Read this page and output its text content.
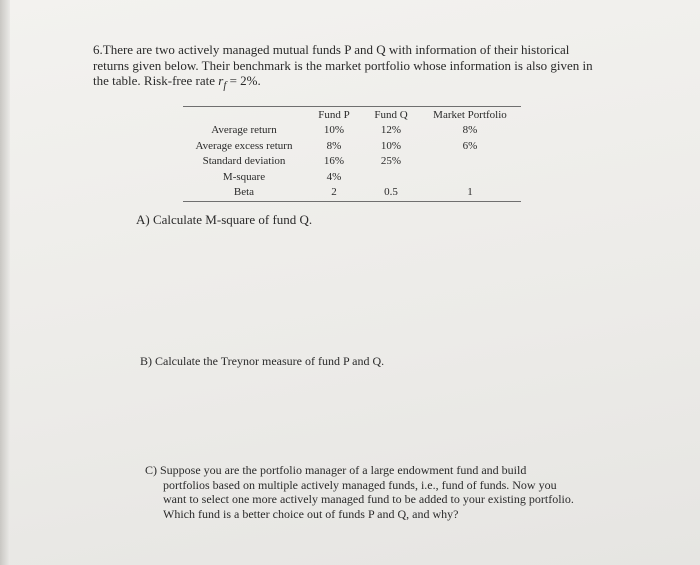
6.There are two actively managed mutual funds P and Q with information of their historical
returns given below. Their benchmark is the market portfolio whose information is also given in
the table. Risk-free rate $r_f = 2\%$.
	Fund P	Fund Q	Market Portfolio
Average return	10%	12%	8%
Average excess return	8%	10%	6%
Standard deviation	16%	25%	
M-square	4%		
Beta	2	0.5	1
A) Calculate M-square of fund Q.
B) Calculate the Treynor measure of fund P and Q.
C) Suppose you are the portfolio manager of a large endowment fund and build
portfolios based on multiple actively managed funds, i.e., fund of funds. Now you
want to select one more actively managed fund to be added to your existing portfolio.
Which fund is a better choice out of funds P and Q, and why?
